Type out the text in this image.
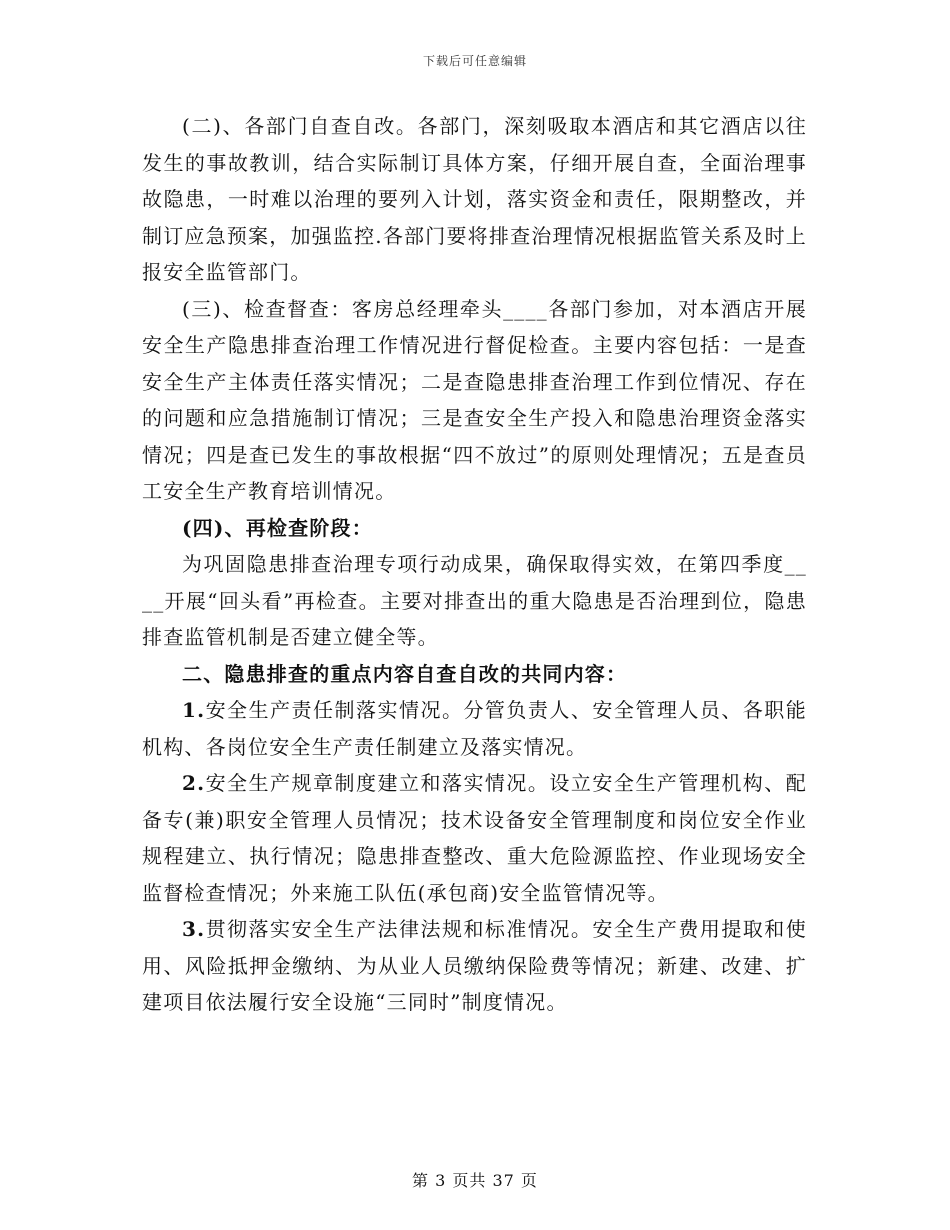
下载后可任意编辑

(二)、各部门自查自改。各部门，深刻吸取本酒店和其它酒店以往发生的事故教训，结合实际制订具体方案，仔细开展自查，全面治理事故隐患，一时难以治理的要列入计划，落实资金和责任，限期整改，并制订应急预案，加强监控.各部门要将排查治理情况根据监管关系及时上报安全监管部门。

(三)、检查督查：客房总经理牵头____各部门参加，对本酒店开展安全生产隐患排查治理工作情况进行督促检查。主要内容包括：一是查安全生产主体责任落实情况；二是查隐患排查治理工作到位情况、存在的问题和应急措施制订情况；三是查安全生产投入和隐患治理资金落实情况；四是查已发生的事故根据“四不放过”的原则处理情况；五是查员工安全生产教育培训情况。

(四)、再检查阶段：

为巩固隐患排查治理专项行动成果，确保取得实效，在第四季度____开展“回头看”再检查。主要对排查出的重大隐患是否治理到位，隐患排查监管机制是否建立健全等。

二、隐患排查的重点内容自查自改的共同内容：

1.安全生产责任制落实情况。分管负责人、安全管理人员、各职能机构、各岗位安全生产责任制建立及落实情况。

2.安全生产规章制度建立和落实情况。设立安全生产管理机构、配备专(兼)职安全管理人员情况；技术设备安全管理制度和岗位安全作业规程建立、执行情况；隐患排查整改、重大危险源监控、作业现场安全监督检查情况；外来施工队伍(承包商)安全监管情况等。

3.贯彻落实安全生产法律法规和标准情况。安全生产费用提取和使用、风险抵押金缴纳、为从业人员缴纳保险费等情况；新建、改建、扩建项目依法履行安全设施“三同时”制度情况。

第 3 页共 37 页
